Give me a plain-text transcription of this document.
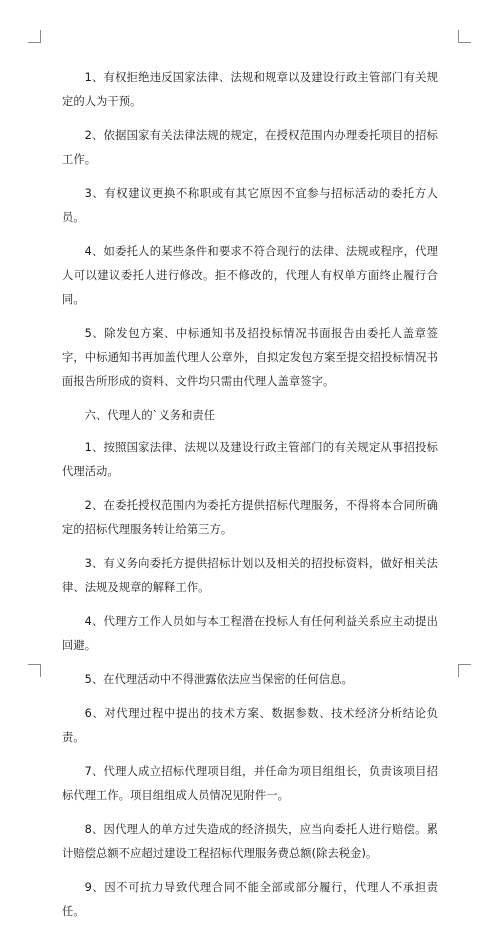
1、有权拒绝违反国家法律、法规和规章以及建设行政主管部门有关规定的人为干预。

2、依据国家有关法律法规的规定，在授权范围内办理委托项目的招标工作。

3、有权建议更换不称职或有其它原因不宜参与招标活动的委托方人员。

4、如委托人的某些条件和要求不符合现行的法律、法规或程序，代理人可以建议委托人进行修改。拒不修改的，代理人有权单方面终止履行合同。

5、除发包方案、中标通知书及招投标情况书面报告由委托人盖章签字，中标通知书再加盖代理人公章外，自拟定发包方案至提交招投标情况书面报告所形成的资料、文件均只需由代理人盖章签字。

六、代理人的`义务和责任

1、按照国家法律、法规以及建设行政主管部门的有关规定从事招投标代理活动。

2、在委托授权范围内为委托方提供招标代理服务，不得将本合同所确定的招标代理服务转让给第三方。

3、有义务向委托方提供招标计划以及相关的招投标资料，做好相关法律、法规及规章的解释工作。

4、代理方工作人员如与本工程潜在投标人有任何利益关系应主动提出回避。

5、在代理活动中不得泄露依法应当保密的任何信息。

6、对代理过程中提出的技术方案、数据参数、技术经济分析结论负责。

7、代理人成立招标代理项目组，并任命为项目组组长，负责该项目招标代理工作。项目组组成人员情况见附件一。

8、因代理人的单方过失造成的经济损失，应当向委托人进行赔偿。累计赔偿总额不应超过建设工程招标代理服务费总额(除去税金)。

9、因不可抗力导致代理合同不能全部或部分履行，代理人不承担责任。
